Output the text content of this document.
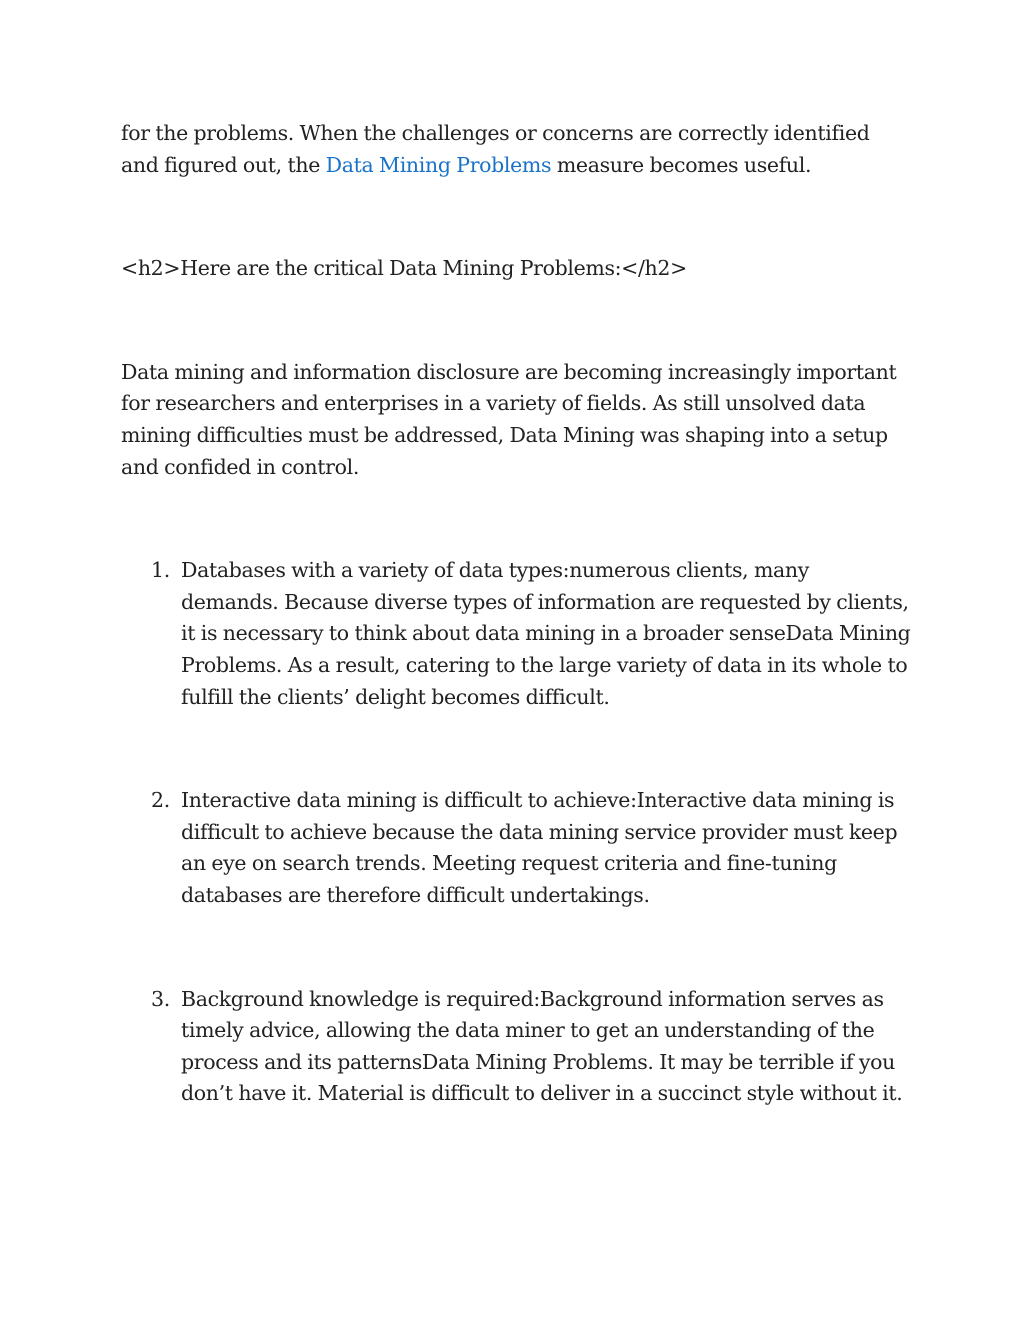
for the problems. When the challenges or concerns are correctly identified and figured out, the Data Mining Problems measure becomes useful.

<h2>Here are the critical Data Mining Problems:</h2>

Data mining and information disclosure are becoming increasingly important for researchers and enterprises in a variety of fields. As still unsolved data mining difficulties must be addressed, Data Mining was shaping into a setup and confided in control.

1. Databases with a variety of data types:numerous clients, many demands. Because diverse types of information are requested by clients, it is necessary to think about data mining in a broader senseData Mining Problems. As a result, catering to the large variety of data in its whole to fulfill the clients’ delight becomes difficult.
2. Interactive data mining is difficult to achieve:Interactive data mining is difficult to achieve because the data mining service provider must keep an eye on search trends. Meeting request criteria and fine-tuning databases are therefore difficult undertakings.
3. Background knowledge is required:Background information serves as timely advice, allowing the data miner to get an understanding of the process and its patternsData Mining Problems. It may be terrible if you don’t have it. Material is difficult to deliver in a succinct style without it.
